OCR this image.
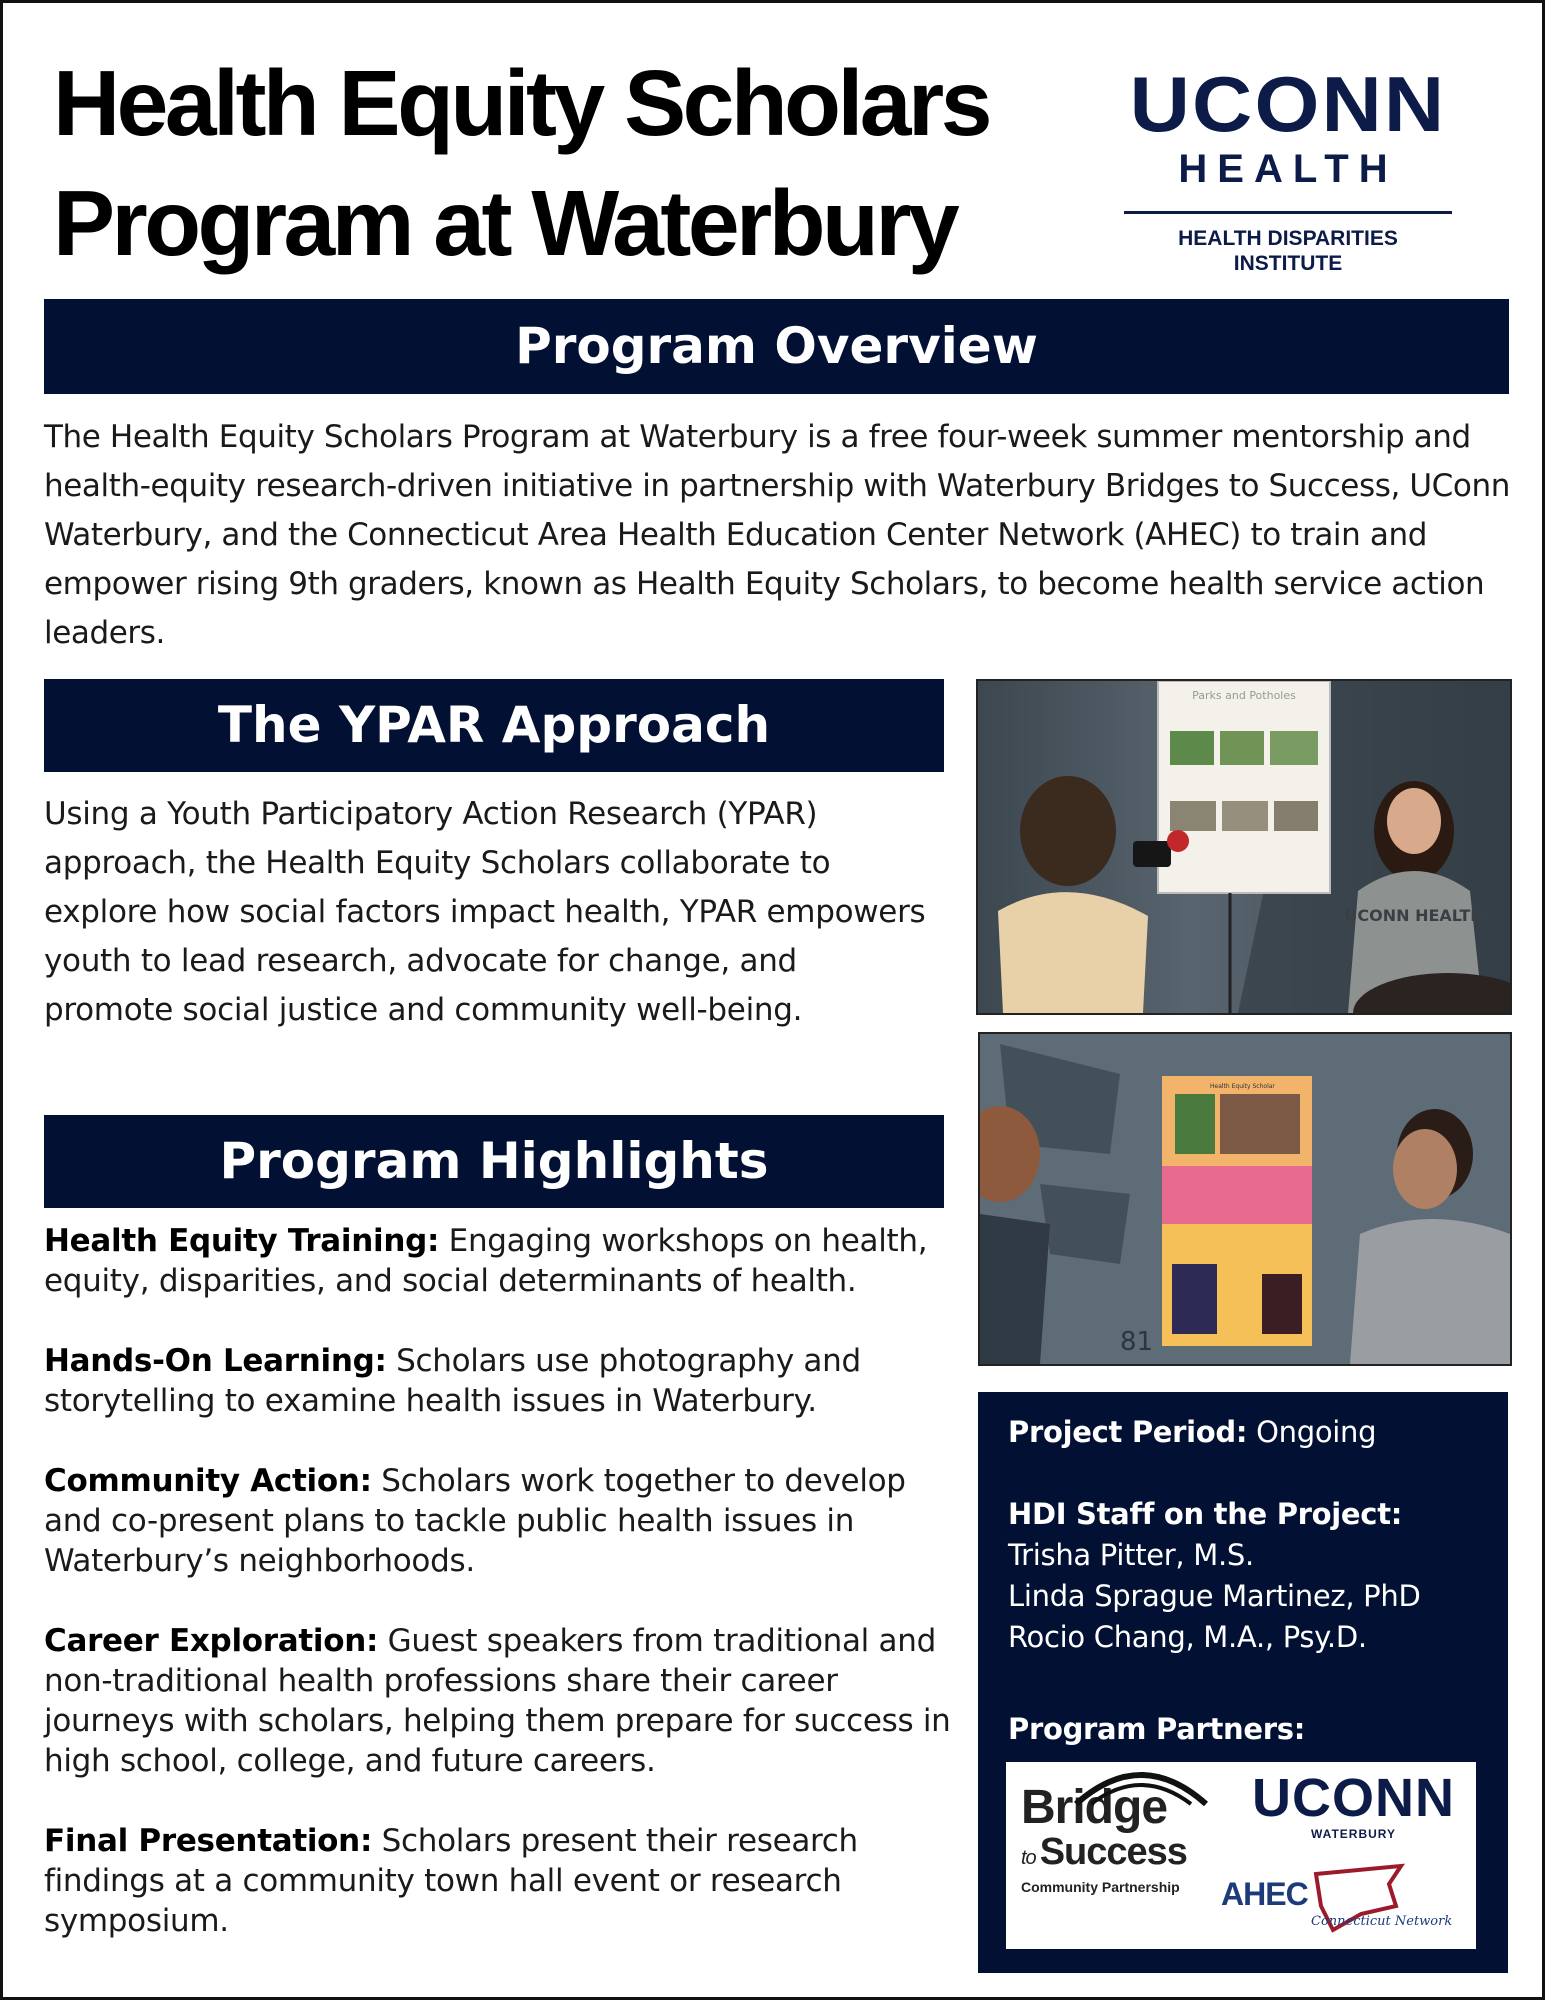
Health Equity Scholars
Program at Waterbury
UCONN
HEALTH
HEALTH DISPARITIES
INSTITUTE
Program Overview

The Health Equity Scholars Program at Waterbury is a free four-week summer mentorship and health-equity research-driven initiative in partnership with Waterbury Bridges to Success, UConn Waterbury, and the Connecticut Area Health Education Center Network (AHEC) to train and empower rising 9th graders, known as Health Equity Scholars, to become health service action leaders.

The YPAR Approach

Using a Youth Participatory Action Research (YPAR) approach, the Health Equity Scholars collaborate to explore how social factors impact health, YPAR empowers youth to lead research, advocate for change, and promote social justice and community well-being.

Program Highlights
Health Equity Training: Engaging workshops on health, equity, disparities, and social determinants of health.
Hands-On Learning: Scholars use photography and storytelling to examine health issues in Waterbury.
Community Action: Scholars work together to develop and co-present plans to tackle public health issues in Waterbury’s neighborhoods.
Career Exploration: Guest speakers from traditional and non-traditional health professions share their career journeys with scholars, helping them prepare for success in high school, college, and future careers.
Final Presentation: Scholars present their research findings at a community town hall event or research symposium.
Parks and Potholes
UCONN HEALTH
81
Health Equity Scholar
Project Period: Ongoing
HDI Staff on the Project:
Trisha Pitter, M.S.
Linda Sprague Martinez, PhD
Rocio Chang, M.A., Psy.D.
Program Partners:
Bridge
to Success
Community Partnership
UCONN
WATERBURY
AHEC
Connecticut Network
